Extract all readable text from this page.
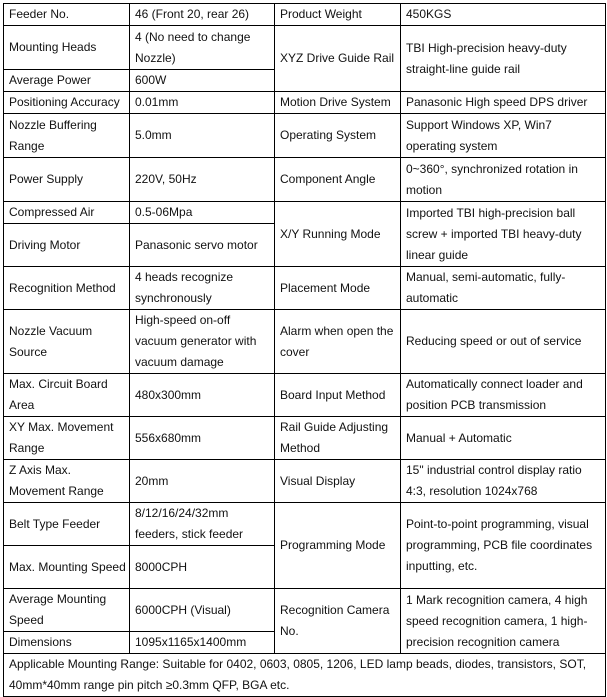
Feeder No.	46 (Front 20, rear 26)	Product Weight	450KGS
Mounting Heads	4 (No need to change Nozzle)	XYZ Drive Guide Rail	TBI High-precision heavy-duty straight-line guide rail
Average Power	600W		
Positioning Accuracy	0.01mm	Motion Drive System	Panasonic High speed DPS driver
Nozzle Buffering Range	5.0mm	Operating System	Support Windows XP, Win7 operating system
Power Supply	220V, 50Hz	Component Angle	0~360°, synchronized rotation in motion
Compressed Air	0.5-06Mpa	X/Y Running Mode	Imported TBI high-precision ball screw + imported TBI heavy-duty linear guide
Driving Motor	Panasonic servo motor		
Recognition Method	4 heads recognize synchronously	Placement Mode	Manual, semi-automatic, fully-automatic
Nozzle Vacuum Source	High-speed on-off vacuum generator with vacuum damage	Alarm when open the cover	Reducing speed or out of service
Max. Circuit Board Area	480x300mm	Board Input Method	Automatically connect loader and position PCB transmission
XY Max. Movement Range	556x680mm	Rail Guide Adjusting Method	Manual + Automatic
Z Axis Max. Movement Range	20mm	Visual Display	15" industrial control display ratio 4:3, resolution 1024x768
Belt Type Feeder	8/12/16/24/32mm feeders, stick feeder	Programming Mode	Point-to-point programming, visual programming, PCB file coordinates inputting, etc.
Max. Mounting Speed	8000CPH		
Average Mounting Speed	6000CPH (Visual)	Recognition Camera No.	1 Mark recognition camera, 4 high speed recognition camera, 1 high-precision recognition camera
Dimensions	1095x1165x1400mm		
Applicable Mounting Range: Suitable for 0402, 0603, 0805, 1206, LED lamp beads, diodes, transistors, SOT, 40mm*40mm range pin pitch ≥0.3mm QFP, BGA etc.			
